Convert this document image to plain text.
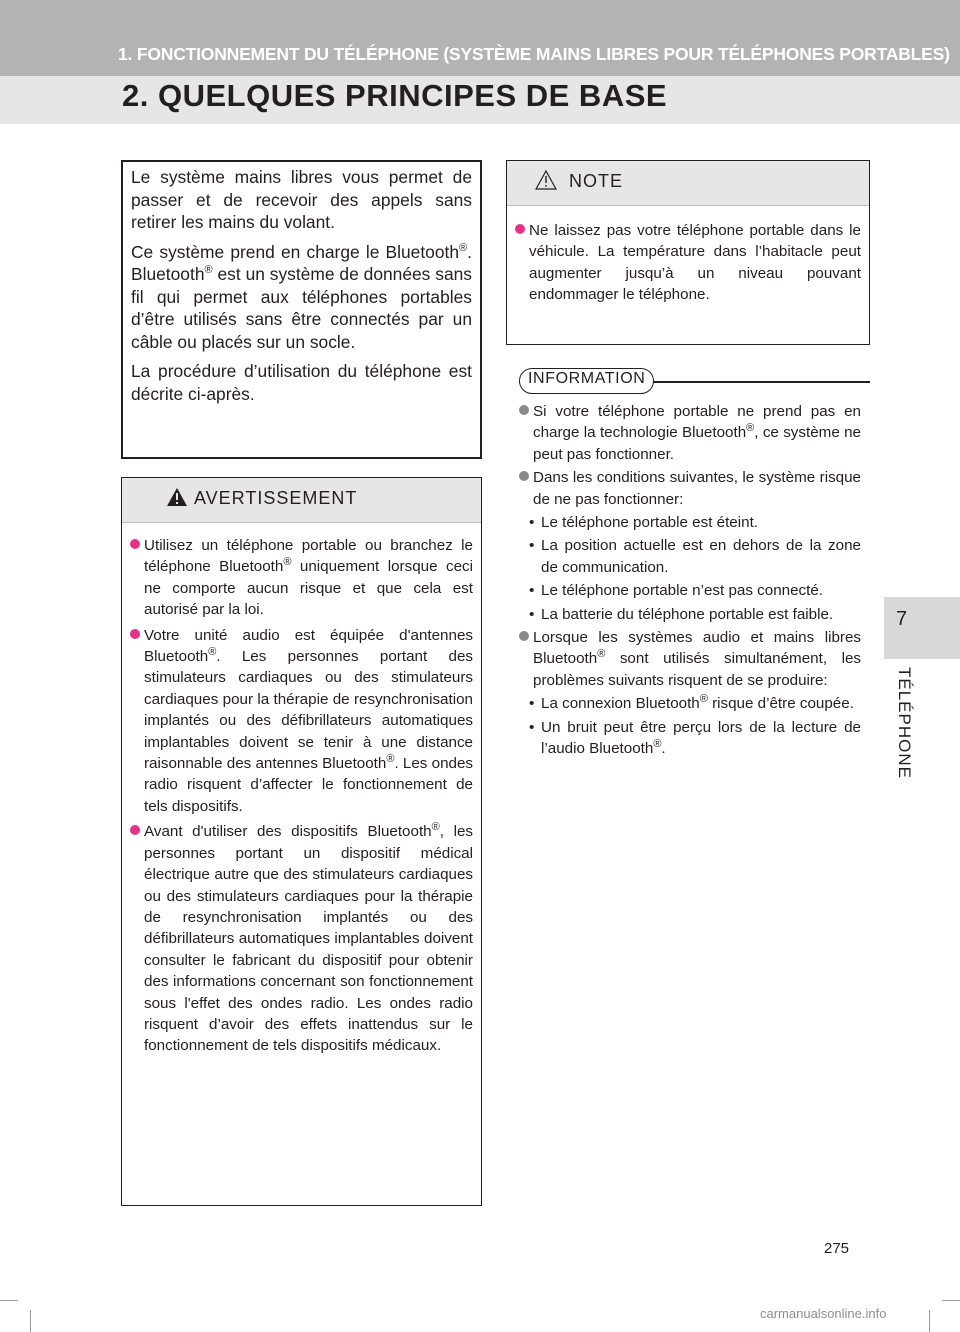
1. FONCTIONNEMENT DU TÉLÉPHONE (SYSTÈME MAINS LIBRES POUR TÉLÉPHONES PORTABLES)
2. QUELQUES PRINCIPES DE BASE
7
TÉLÉPHONE

Le système mains libres vous permet de passer et de recevoir des appels sans retirer les mains du volant.

Ce système prend en charge le Bluetooth®. Bluetooth® est un système de données sans fil qui permet aux téléphones portables d’être utilisés sans être connectés par un câble ou placés sur un socle.

La procédure d’utilisation du téléphone est décrite ci-après.

AVERTISSEMENT
Utilisez un téléphone portable ou branchez le téléphone Bluetooth® uniquement lorsque ceci ne comporte aucun risque et que cela est autorisé par la loi.
Votre unité audio est équipée d'antennes Bluetooth®. Les personnes portant des stimulateurs cardiaques ou des stimulateurs cardiaques pour la thérapie de resynchronisation implantés ou des défibrillateurs automatiques implantables doivent se tenir à une distance raisonnable des antennes Bluetooth®. Les ondes radio risquent d’affecter le fonctionnement de tels dispositifs.
Avant d'utiliser des dispositifs Bluetooth®, les personnes portant un dispositif médical électrique autre que des stimulateurs cardiaques ou des stimulateurs cardiaques pour la thérapie de resynchronisation implantés ou des défibrillateurs automatiques implantables doivent consulter le fabricant du dispositif pour obtenir des informations concernant son fonctionnement sous l'effet des ondes radio. Les ondes radio risquent d’avoir des effets inattendus sur le fonctionnement de tels dispositifs médicaux.
NOTE
Ne laissez pas votre téléphone portable dans le véhicule. La température dans l’habitacle peut augmenter jusqu’à un niveau pouvant endommager le téléphone.
INFORMATION
Si votre téléphone portable ne prend pas en charge la technologie Bluetooth®, ce système ne peut pas fonctionner.
Dans les conditions suivantes, le système risque de ne pas fonctionner:
• Le téléphone portable est éteint.
• La position actuelle est en dehors de la zone de communication.
• Le téléphone portable n’est pas connecté.
• La batterie du téléphone portable est faible.
Lorsque les systèmes audio et mains libres Bluetooth® sont utilisés simultanément, les problèmes suivants risquent de se produire:
• La connexion Bluetooth® risque d’être coupée.
• Un bruit peut être perçu lors de la lecture de l’audio Bluetooth®.
275
carmanualsonline.info
